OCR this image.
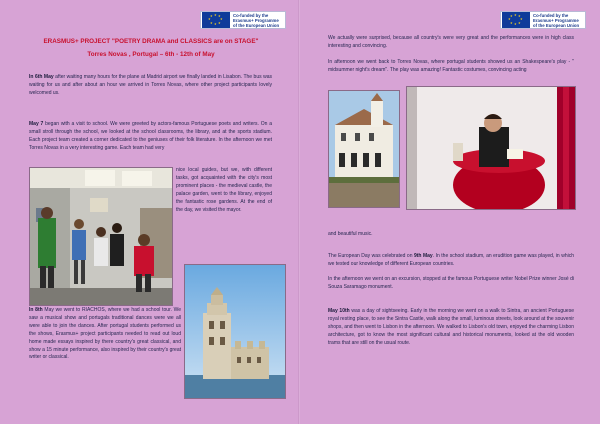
★ ★
★
★
★
★
★
★	Co-funded by the
Erasmus+ Programme
of the European Union
ERASMUS+ PROJECT "POETRY DRAMA and CLASSICS are on STAGE"
Torres Novas , Portugal – 6th - 12th of May
In 6th May after waiting many hours for the plane at Madrid airport we finally landed in Lisabon. The bus was waiting for us and after about an hour we arrived in Torres Novas, where other project participants lovely welcomed us.
May 7 began with a visit to school. We were greeted by actors-famous Portuguese poets and writers. On a small stroll through the school, we looked at the school classrooms, the library, and at the sports stadium. Each project team created a corner dedicated to the geniuses of their folk literature. In the afternoon we met Torres Novas in a very interesting game. Each team had very
nice local guides, but we, with different tasks, got acquainted with the city's most prominent places - the medieval castle, the palace garden, went to the library, enjoyed the fantastic rose gardens. At the end of the day, we visited the mayor.
In 8th May we went to RIACHOS, where we had a school tour. We saw a musical show and portugals traditional dances were we all were able to join the dances. After portugal students performed us the shows, Erasmus+ project participants needed to read out loud home made essays inspired by there country's great classical, and show a 15 minute performance, also inspired by their country's great writer or classical.
★ ★
★
★
★
★
★
★	Co-funded by the
Erasmus+ Programme
of the European Union
We actually were surprised, because all country's were very great and the performances were in high class interesting and convincing.
In afternoon we went back to Torres Novas, where portugal students showed us an Shakespeare's play - " midsummer night's dream". The play was amazing! Fantastic costumes, convincing acting
and beautiful music.
The European Day was celebrated on 9th May. In the school stadium, an erudition game was played, in which we tested our knowledge of different European countries.
In the afternoon we went on an excursion, stopped at the famous Portuguese writer Nobel Prize winner José di Souza Saramago monument.
May 10th was a day of sightseeing. Early in the morning we went on a walk to Sintra, an ancient Portuguese royal resting place, to see the Sintra Castle, walk along the small, luminous streets, look around at the souvenir shops, and then went to Lisbon in the afternoon. We walked to Lisbon's old town, enjoyed the charming Lisbon architecture, got to know the most significant cultural and historical monuments, looked at the old wooden trams that are still on the usual route.
